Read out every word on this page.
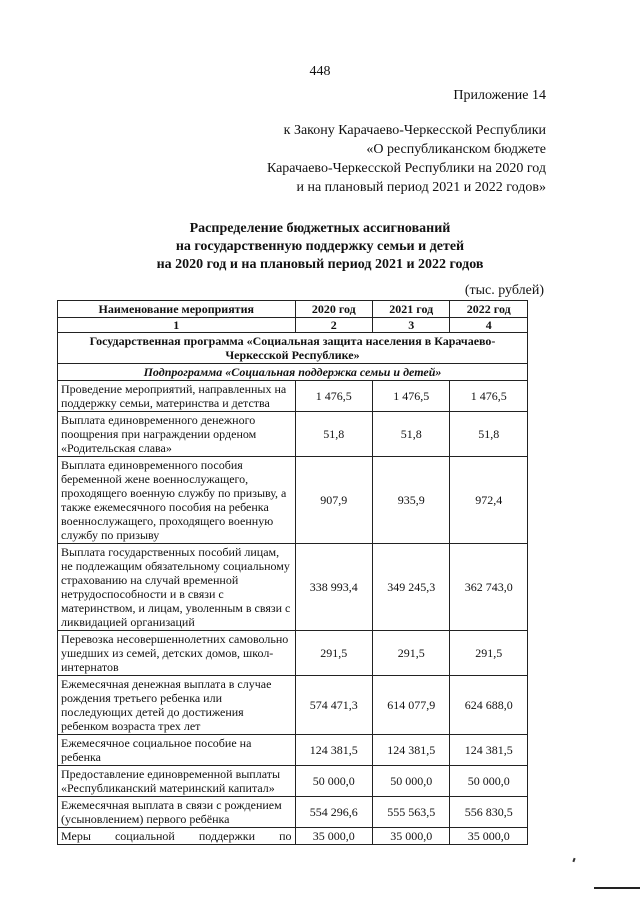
448
Приложение 14
к Закону Карачаево-Черкесской Республики
«О республиканском бюджете
Карачаево-Черкесской Республики на 2020 год
и на плановый период 2021 и 2022 годов»
Распределение бюджетных ассигнований
на государственную поддержку семьи и детей
на 2020 год и на плановый период 2021 и 2022 годов
(тыс. рублей)
Наименование мероприятия	2020 год	2021 год	2022 год
1	2	3	4
Государственная программа «Социальная защита населения в Карачаево-Черкесской Республике»			
Подпрограмма «Социальная поддержка семьи и детей»			
Проведение мероприятий, направленных на поддержку семьи, материнства и детства	1 476,5	1 476,5	1 476,5
Выплата единовременного денежного поощрения при награждении орденом «Родительская слава»	51,8	51,8	51,8
Выплата единовременного пособия беременной жене военнослужащего, проходящего военную службу по призыву, а также ежемесячного пособия на ребенка военнослужащего, проходящего военную службу по призыву	907,9	935,9	972,4
Выплата государственных пособий лицам, не подлежащим обязательному социальному страхованию на случай временной нетрудоспособности и в связи с материнством, и лицам, уволенным в связи с ликвидацией организаций	338 993,4	349 245,3	362 743,0
Перевозка несовершеннолетних самовольно ушедших из семей, детских домов, школ-интернатов	291,5	291,5	291,5
Ежемесячная денежная выплата в случае рождения третьего ребенка или последующих детей до достижения ребенком возраста трех лет	574 471,3	614 077,9	624 688,0
Ежемесячное социальное пособие на ребенка	124 381,5	124 381,5	124 381,5
Предоставление единовременной выплаты «Республиканский материнский капитал»	50 000,0	50 000,0	50 000,0
Ежемесячная выплата в связи с рождением (усыновлением) первого ребёнка	554 296,6	555 563,5	556 830,5
Меры социальной поддержки по	35 000,0	35 000,0	35 000,0
